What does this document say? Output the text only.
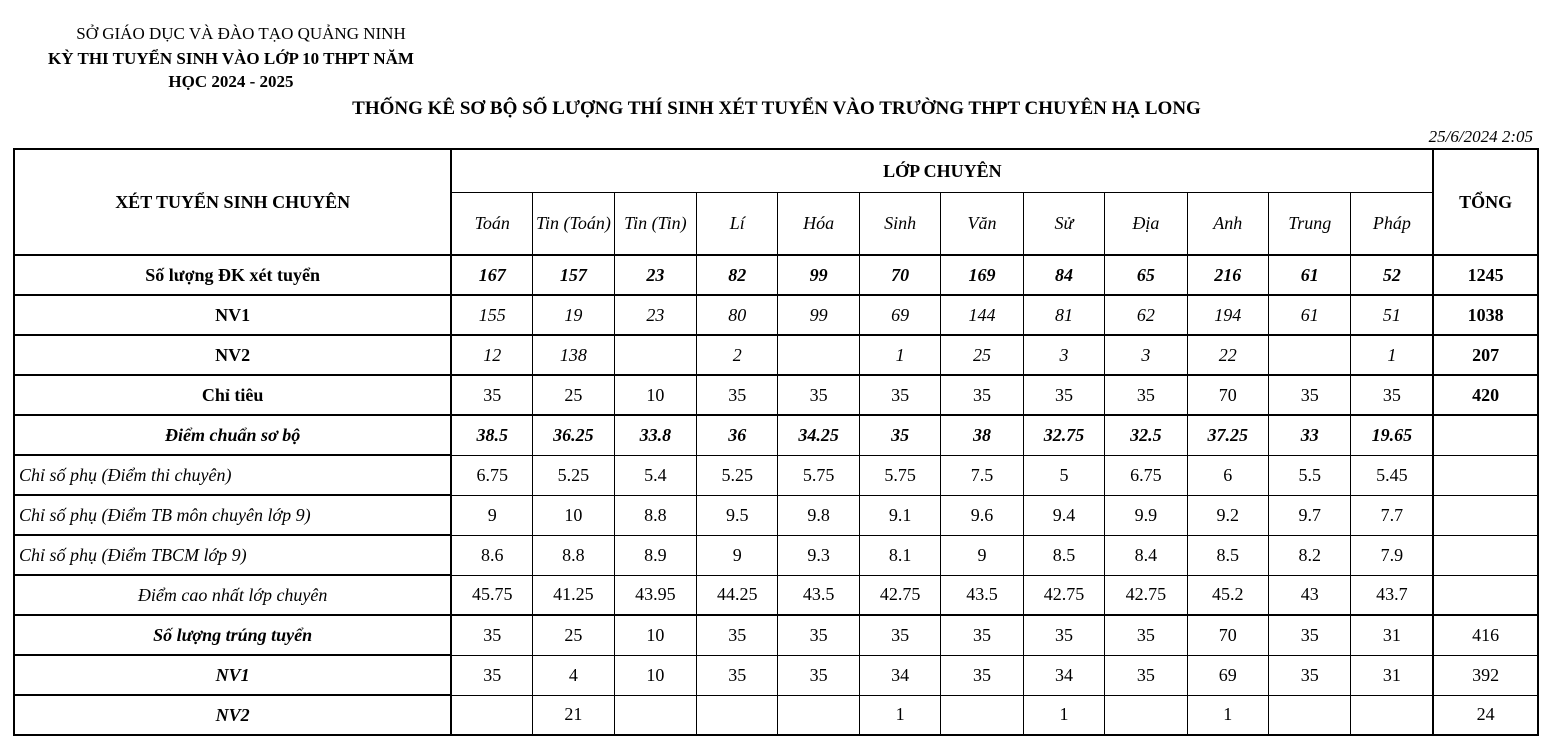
SỞ GIÁO DỤC VÀ ĐÀO TẠO QUẢNG NINH
KỲ THI TUYỂN SINH VÀO LỚP 10 THPT NĂM
HỌC 2024 - 2025
THỐNG KÊ SƠ BỘ SỐ LƯỢNG THÍ SINH XÉT TUYỂN VÀO TRƯỜNG THPT CHUYÊN HẠ LONG
25/6/2024 2:05
XÉT TUYỂN SINH CHUYÊN	LỚP CHUYÊN												TỔNG
	Toán	Tin (Toán)	Tin (Tin)	Lí	Hóa	Sinh	Văn	Sử	Địa	Anh	Trung	Pháp	
Số lượng ĐK xét tuyển	167	157	23	82	99	70	169	84	65	216	61	52	1245
NV1	155	19	23	80	99	69	144	81	62	194	61	51	1038
NV2	12	138		2		1	25	3	3	22		1	207
Chỉ tiêu	35	25	10	35	35	35	35	35	35	70	35	35	420
Điểm chuẩn sơ bộ	38.5	36.25	33.8	36	34.25	35	38	32.75	32.5	37.25	33	19.65	
Chỉ số phụ (Điểm thi chuyên)	6.75	5.25	5.4	5.25	5.75	5.75	7.5	5	6.75	6	5.5	5.45	
Chỉ số phụ (Điểm TB môn chuyên lớp 9)	9	10	8.8	9.5	9.8	9.1	9.6	9.4	9.9	9.2	9.7	7.7	
Chỉ số phụ (Điểm TBCM lớp 9)	8.6	8.8	8.9	9	9.3	8.1	9	8.5	8.4	8.5	8.2	7.9	
Điểm cao nhất lớp chuyên	45.75	41.25	43.95	44.25	43.5	42.75	43.5	42.75	42.75	45.2	43	43.7	
Số lượng trúng tuyển	35	25	10	35	35	35	35	35	35	70	35	31	416
NV1	35	4	10	35	35	34	35	34	35	69	35	31	392
NV2		21				1		1		1			24
